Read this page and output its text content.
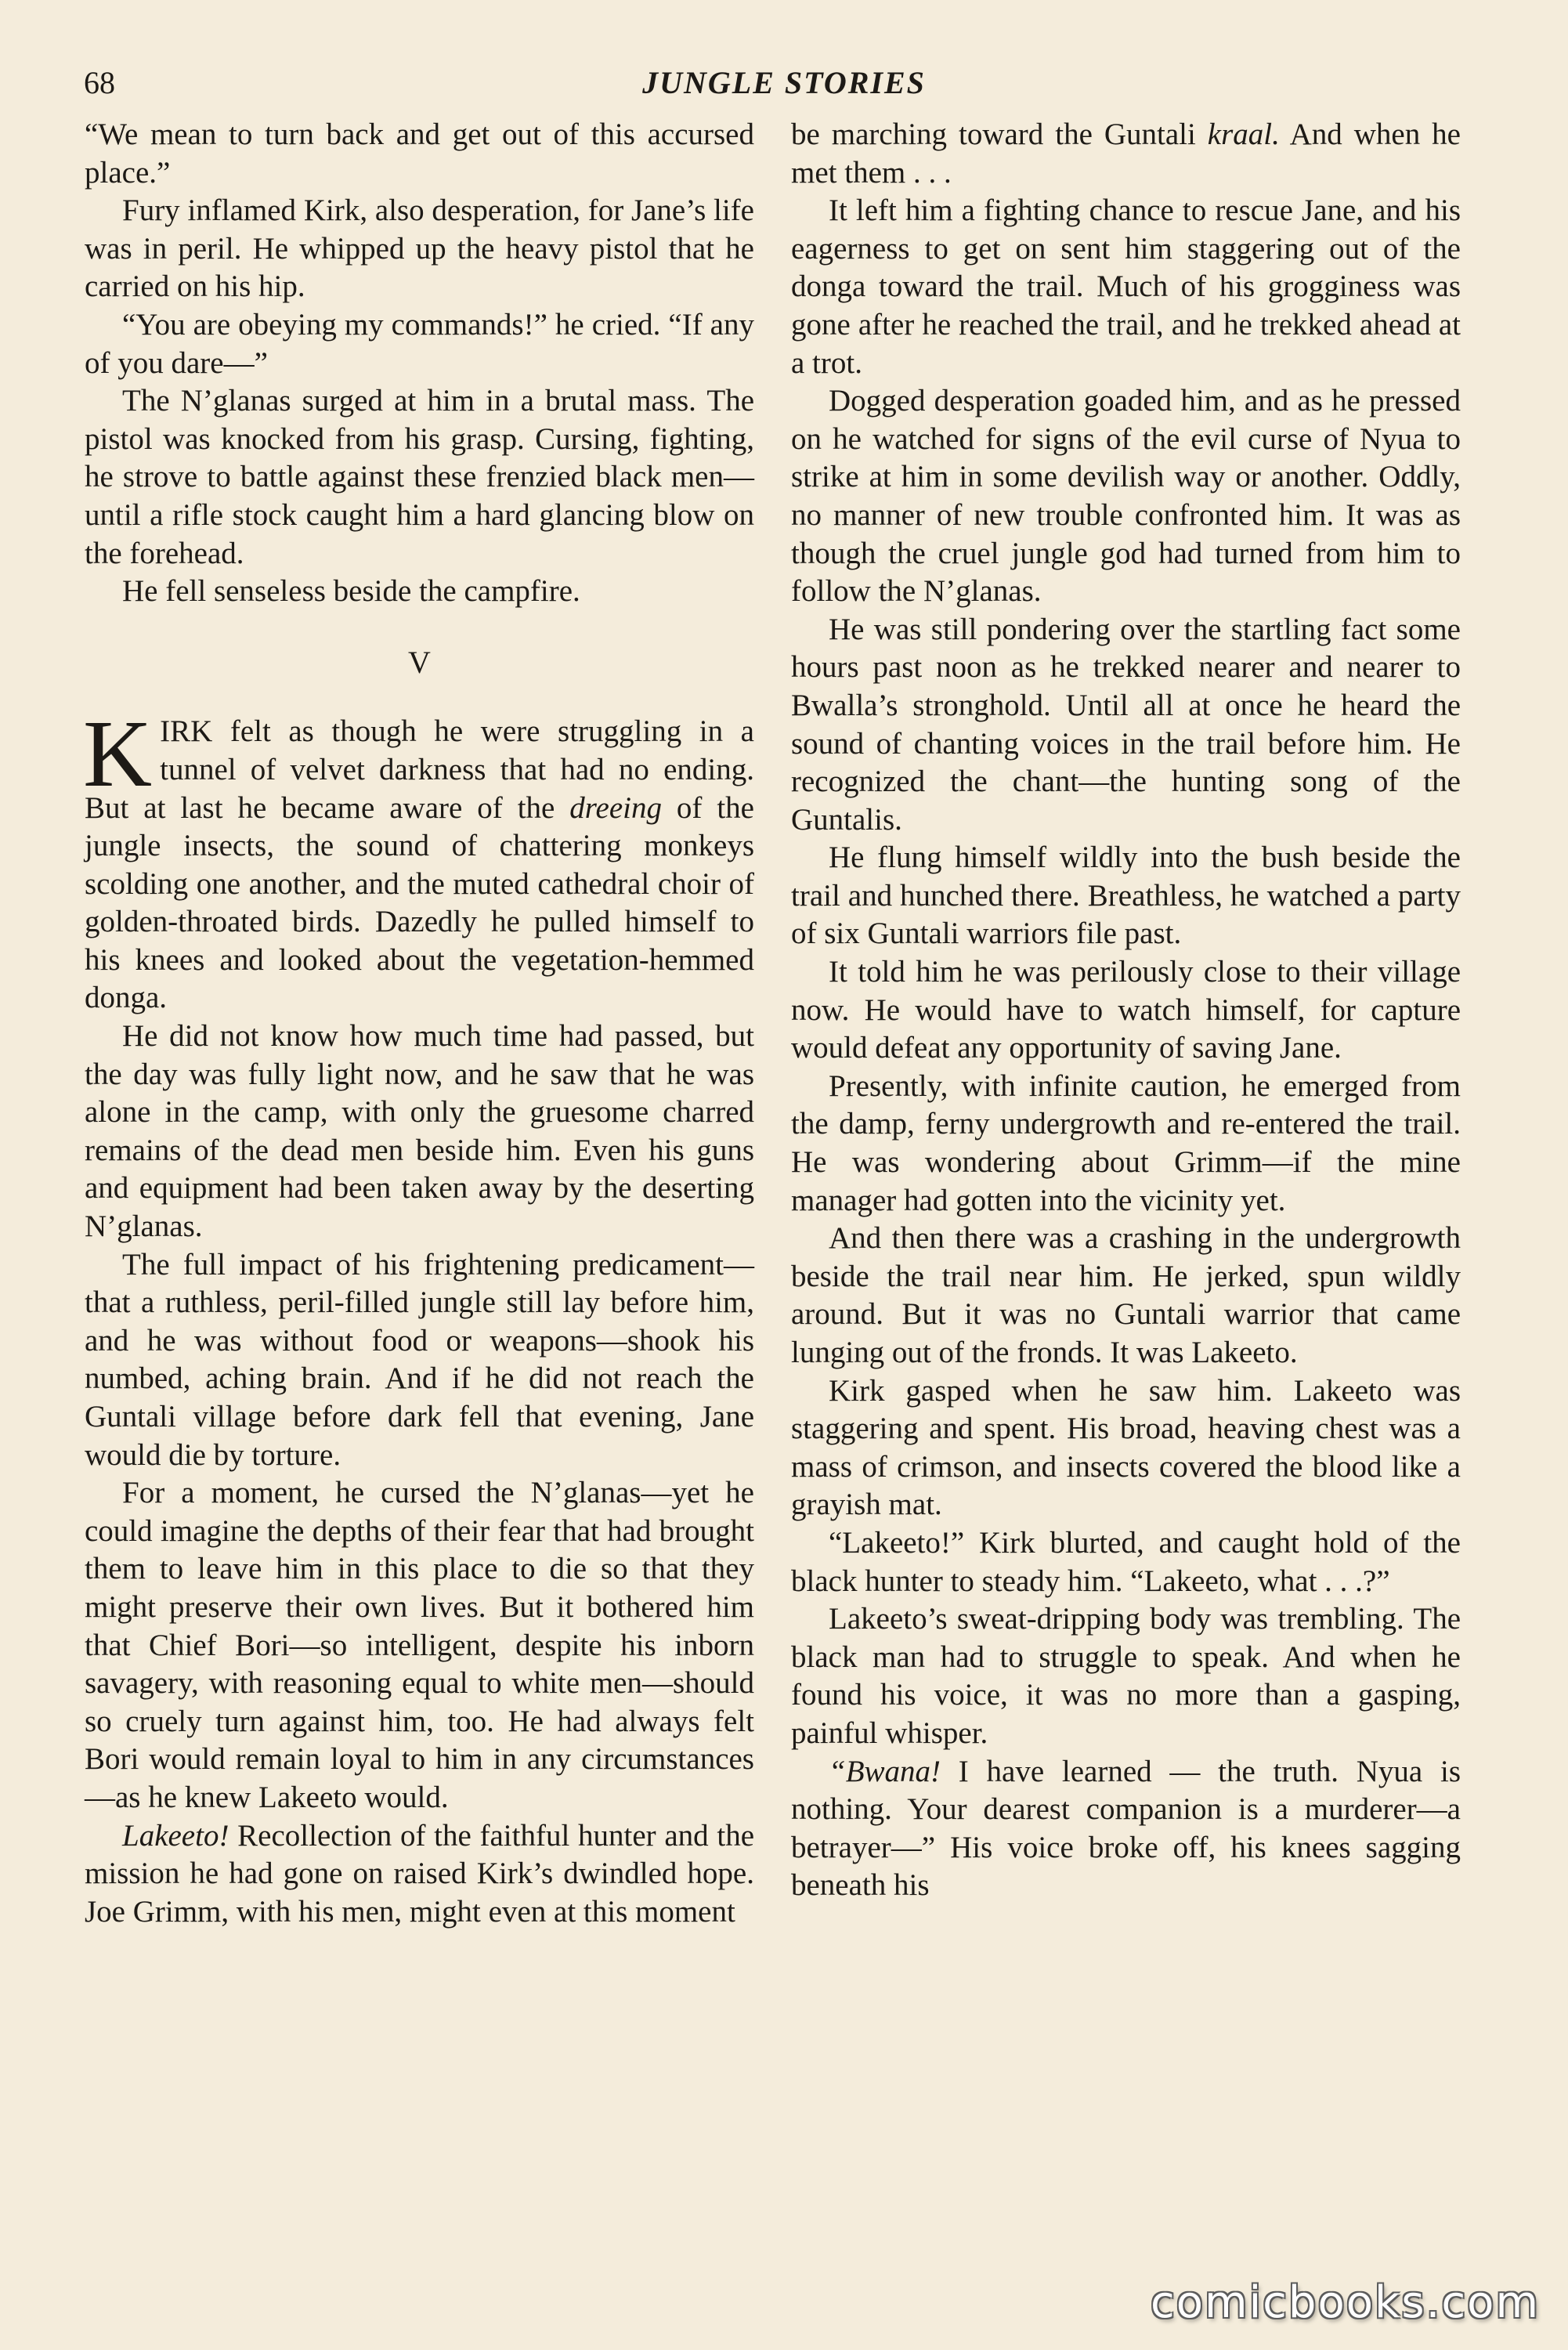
68	JUNGLE STORIES

“We mean to turn back and get out of this accursed place.”

Fury inflamed Kirk, also desperation, for Jane’s life was in peril. He whipped up the heavy pistol that he carried on his hip.

“You are obeying my commands!” he cried. “If any of you dare—”

The N’glanas surged at him in a brutal mass. The pistol was knocked from his grasp. Cursing, fighting, he strove to battle against these frenzied black men—until a rifle stock caught him a hard glancing blow on the forehead.

He fell senseless beside the campfire.

V

KIRK felt as though he were struggling in a tunnel of velvet darkness that had no ending. But at last he became aware of the dreeing of the jungle insects, the sound of chattering monkeys scolding one another, and the muted cathedral choir of golden-throated birds. Dazedly he pulled himself to his knees and looked about the vegetation-hemmed donga.

He did not know how much time had passed, but the day was fully light now, and he saw that he was alone in the camp, with only the gruesome charred remains of the dead men beside him. Even his guns and equipment had been taken away by the deserting N’glanas.

The full impact of his frightening predicament—that a ruthless, peril-filled jungle still lay before him, and he was without food or weapons—shook his numbed, aching brain. And if he did not reach the Guntali village before dark fell that evening, Jane would die by torture.

For a moment, he cursed the N’glanas—yet he could imagine the depths of their fear that had brought them to leave him in this place to die so that they might preserve their own lives. But it bothered him that Chief Bori—so intelligent, despite his inborn savagery, with reasoning equal to white men—should so cruely turn against him, too. He had always felt Bori would remain loyal to him in any circumstances—as he knew Lakeeto would.

Lakeeto! Recollection of the faithful hunter and the mission he had gone on raised Kirk’s dwindled hope. Joe Grimm, with his men, might even at this moment

be marching toward the Guntali kraal. And when he met them . . .

It left him a fighting chance to rescue Jane, and his eagerness to get on sent him staggering out of the donga toward the trail. Much of his grogginess was gone after he reached the trail, and he trekked ahead at a trot.

Dogged desperation goaded him, and as he pressed on he watched for signs of the evil curse of Nyua to strike at him in some devilish way or another. Oddly, no manner of new trouble confronted him. It was as though the cruel jungle god had turned from him to follow the N’glanas.

He was still pondering over the startling fact some hours past noon as he trekked nearer and nearer to Bwalla’s stronghold. Until all at once he heard the sound of chanting voices in the trail before him. He recognized the chant—the hunting song of the Guntalis.

He flung himself wildly into the bush beside the trail and hunched there. Breathless, he watched a party of six Guntali warriors file past.

It told him he was perilously close to their village now. He would have to watch himself, for capture would defeat any opportunity of saving Jane.

Presently, with infinite caution, he emerged from the damp, ferny undergrowth and re-entered the trail. He was wondering about Grimm—if the mine manager had gotten into the vicinity yet.

And then there was a crashing in the undergrowth beside the trail near him. He jerked, spun wildly around. But it was no Guntali warrior that came lunging out of the fronds. It was Lakeeto.

Kirk gasped when he saw him. Lakeeto was staggering and spent. His broad, heaving chest was a mass of crimson, and insects covered the blood like a grayish mat.

“Lakeeto!” Kirk blurted, and caught hold of the black hunter to steady him. “Lakeeto, what . . .?”

Lakeeto’s sweat-dripping body was trembling. The black man had to struggle to speak. And when he found his voice, it was no more than a gasping, painful whisper.

“Bwana! I have learned — the truth. Nyua is nothing. Your dearest companion is a murderer—a betrayer—” His voice broke off, his knees sagging beneath his

comicbooks.com
